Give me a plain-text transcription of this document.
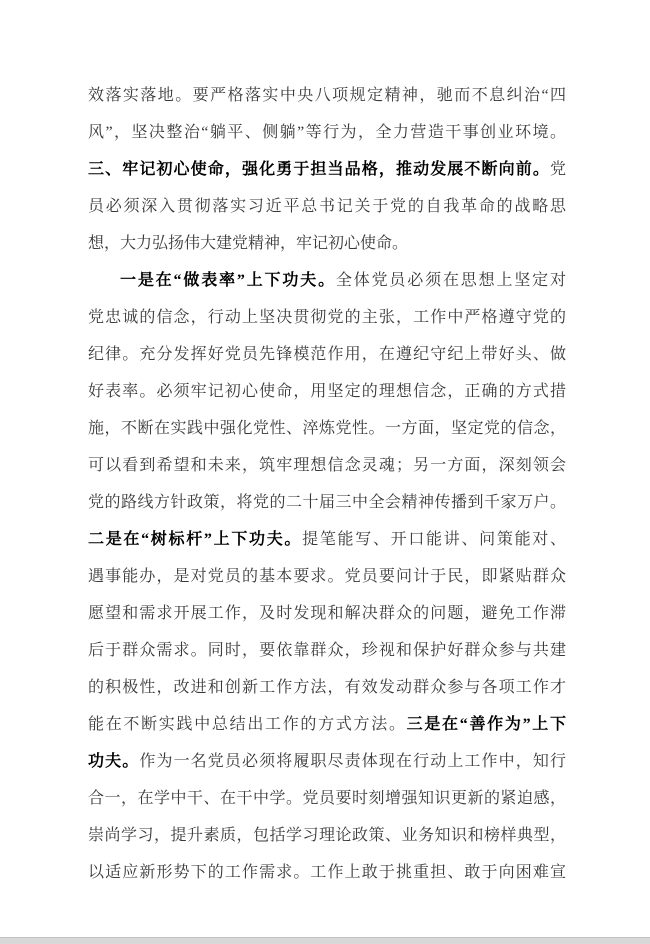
效落实落地。要严格落实中央八项规定精神，驰而不息纠治“四
风”，坚决整治“躺平、侧躺”等行为，全力营造干事创业环境。
三、牢记初心使命，强化勇于担当品格，推动发展不断向前。党
员必须深入贯彻落实习近平总书记关于党的自我革命的战略思
想，大力弘扬伟大建党精神，牢记初心使命。
一是在“做表率”上下功夫。全体党员必须在思想上坚定对
党忠诚的信念，行动上坚决贯彻党的主张，工作中严格遵守党的
纪律。充分发挥好党员先锋模范作用，在遵纪守纪上带好头、做
好表率。必须牢记初心使命，用坚定的理想信念，正确的方式措
施，不断在实践中强化党性、淬炼党性。一方面，坚定党的信念，
可以看到希望和未来，筑牢理想信念灵魂；另一方面，深刻领会
党的路线方针政策，将党的二十届三中全会精神传播到千家万户。
二是在“树标杆”上下功夫。提笔能写、开口能讲、问策能对、
遇事能办，是对党员的基本要求。党员要问计于民，即紧贴群众
愿望和需求开展工作，及时发现和解决群众的问题，避免工作滞
后于群众需求。同时，要依靠群众，珍视和保护好群众参与共建
的积极性，改进和创新工作方法，有效发动群众参与各项工作才
能在不断实践中总结出工作的方式方法。三是在“善作为”上下
功夫。作为一名党员必须将履职尽责体现在行动上工作中，知行
合一，在学中干、在干中学。党员要时刻增强知识更新的紧迫感，
崇尚学习，提升素质，包括学习理论政策、业务知识和榜样典型，
以适应新形势下的工作需求。工作上敢于挑重担、敢于向困难宣
